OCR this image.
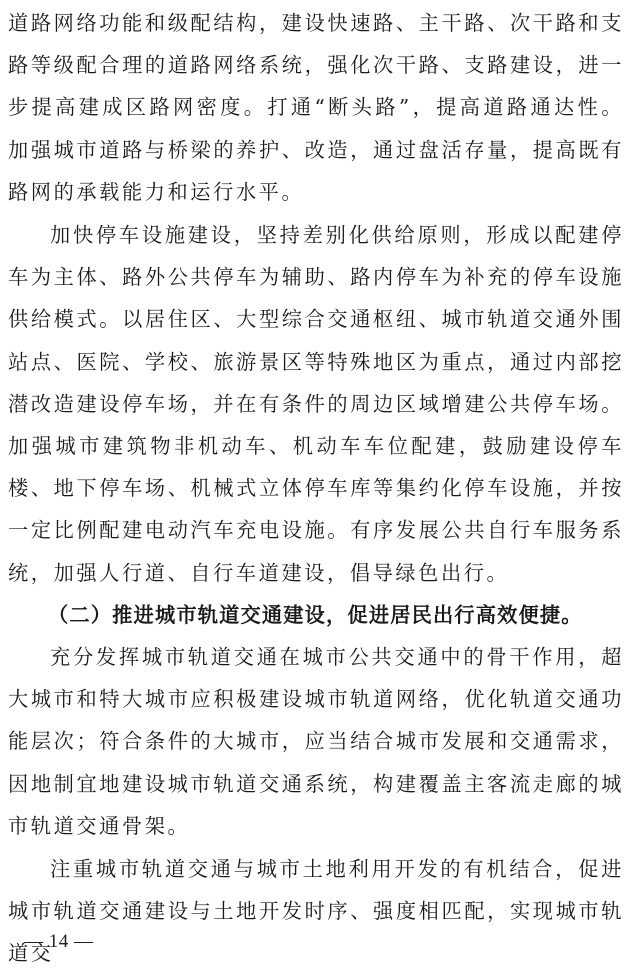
道路网络功能和级配结构，建设快速路、主干路、次干路和支路等级配合理的道路网络系统，强化次干路、支路建设，进一步提高建成区路网密度。打通“断头路”，提高道路通达性。加强城市道路与桥梁的养护、改造，通过盘活存量，提高既有路网的承载能力和运行水平。

加快停车设施建设，坚持差别化供给原则，形成以配建停车为主体、路外公共停车为辅助、路内停车为补充的停车设施供给模式。以居住区、大型综合交通枢纽、城市轨道交通外围站点、医院、学校、旅游景区等特殊地区为重点，通过内部挖潜改造建设停车场，并在有条件的周边区域增建公共停车场。加强城市建筑物非机动车、机动车车位配建，鼓励建设停车楼、地下停车场、机械式立体停车库等集约化停车设施，并按一定比例配建电动汽车充电设施。有序发展公共自行车服务系统，加强人行道、自行车道建设，倡导绿色出行。

（二）推进城市轨道交通建设，促进居民出行高效便捷。

充分发挥城市轨道交通在城市公共交通中的骨干作用，超大城市和特大城市应积极建设城市轨道网络，优化轨道交通功能层次；符合条件的大城市，应当结合城市发展和交通需求，因地制宜地建设城市轨道交通系统，构建覆盖主客流走廊的城市轨道交通骨架。

注重城市轨道交通与城市土地利用开发的有机结合，促进城市轨道交通建设与土地开发时序、强度相匹配，实现城市轨道交

— 14 —
